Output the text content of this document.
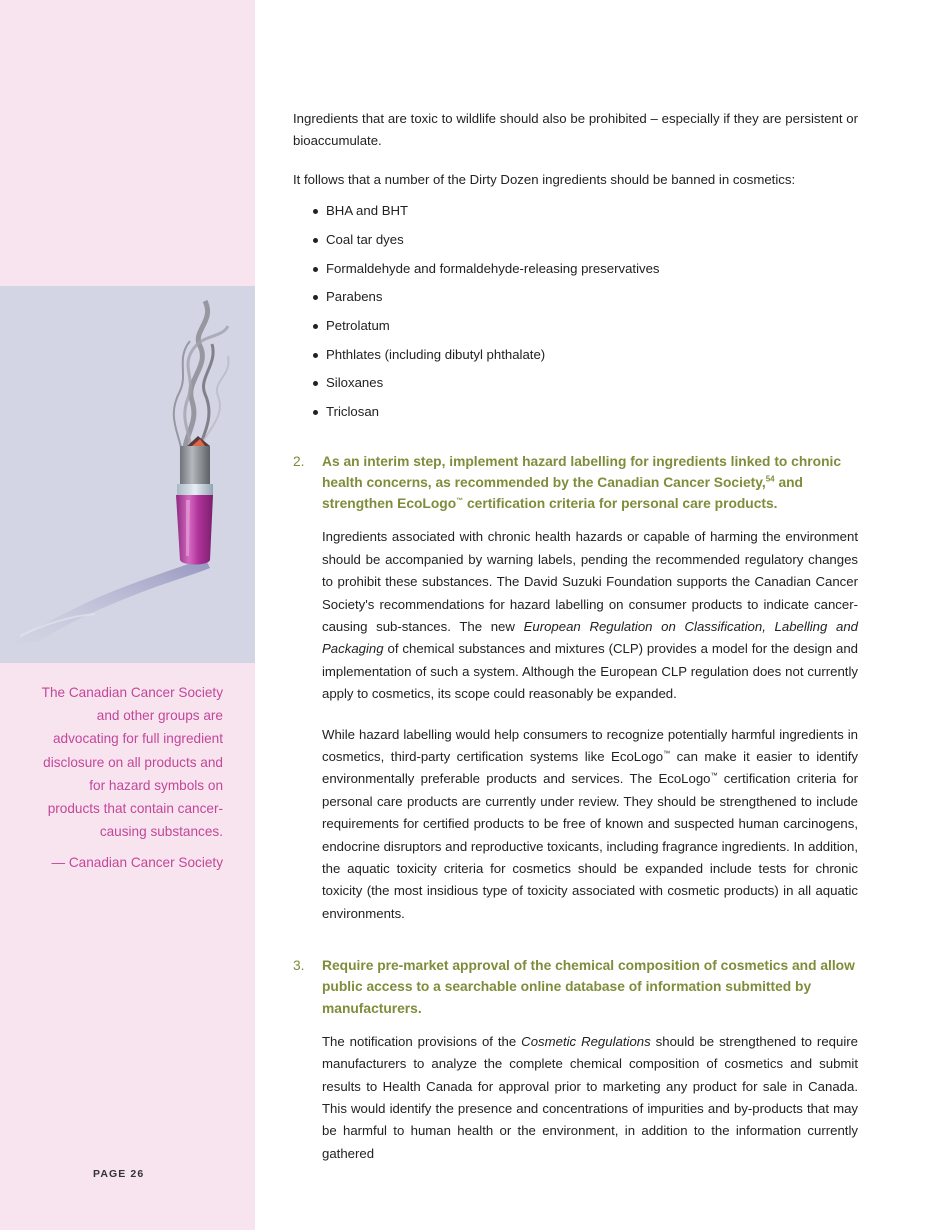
The Canadian Cancer Society and other groups are advocating for full ingredient disclosure on all products and for hazard symbols on products that contain cancer-causing substances.

— Canadian Cancer Society

PAGE 26

Ingredients that are toxic to wildlife should also be prohibited – especially if they are persistent or bioaccumulate.

It follows that a number of the Dirty Dozen ingredients should be banned in cosmetics:

BHA and BHT
Coal tar dyes
Formaldehyde and formaldehyde-releasing preservatives
Parabens
Petrolatum
Phthlates (including dibutyl phthalate)
Siloxanes
Triclosan
2. As an interim step, implement hazard labelling for ingredients linked to chronic health concerns, as recommended by the Canadian Cancer Society,$^{54}$ and strengthen EcoLogo™ certification criteria for personal care products.

Ingredients associated with chronic health hazards or capable of harming the environment should be accompanied by warning labels, pending the recommended regulatory changes to prohibit these substances. The David Suzuki Foundation supports the Canadian Cancer Society's recommendations for hazard labelling on consumer products to indicate cancer-causing sub-stances. The new European Regulation on Classification, Labelling and Packaging of chemical substances and mixtures (CLP) provides a model for the design and implementation of such a system. Although the European CLP regulation does not currently apply to cosmetics, its scope could reasonably be expanded.

While hazard labelling would help consumers to recognize potentially harmful ingredients in cosmetics, third-party certification systems like EcoLogo™ can make it easier to identify environmentally preferable products and services. The EcoLogo™ certification criteria for personal care products are currently under review. They should be strengthened to include requirements for certified products to be free of known and suspected human carcinogens, endocrine disruptors and reproductive toxicants, including fragrance ingredients. In addition, the aquatic toxicity criteria for cosmetics should be expanded include tests for chronic toxicity (the most insidious type of toxicity associated with cosmetic products) in all aquatic environments.

3. Require pre-market approval of the chemical composition of cosmetics and allow public access to a searchable online database of information submitted by manufacturers.

The notification provisions of the Cosmetic Regulations should be strengthened to require manufacturers to analyze the complete chemical composition of cosmetics and submit results to Health Canada for approval prior to marketing any product for sale in Canada. This would identify the presence and concentrations of impurities and by-products that may be harmful to human health or the environment, in addition to the information currently gathered
